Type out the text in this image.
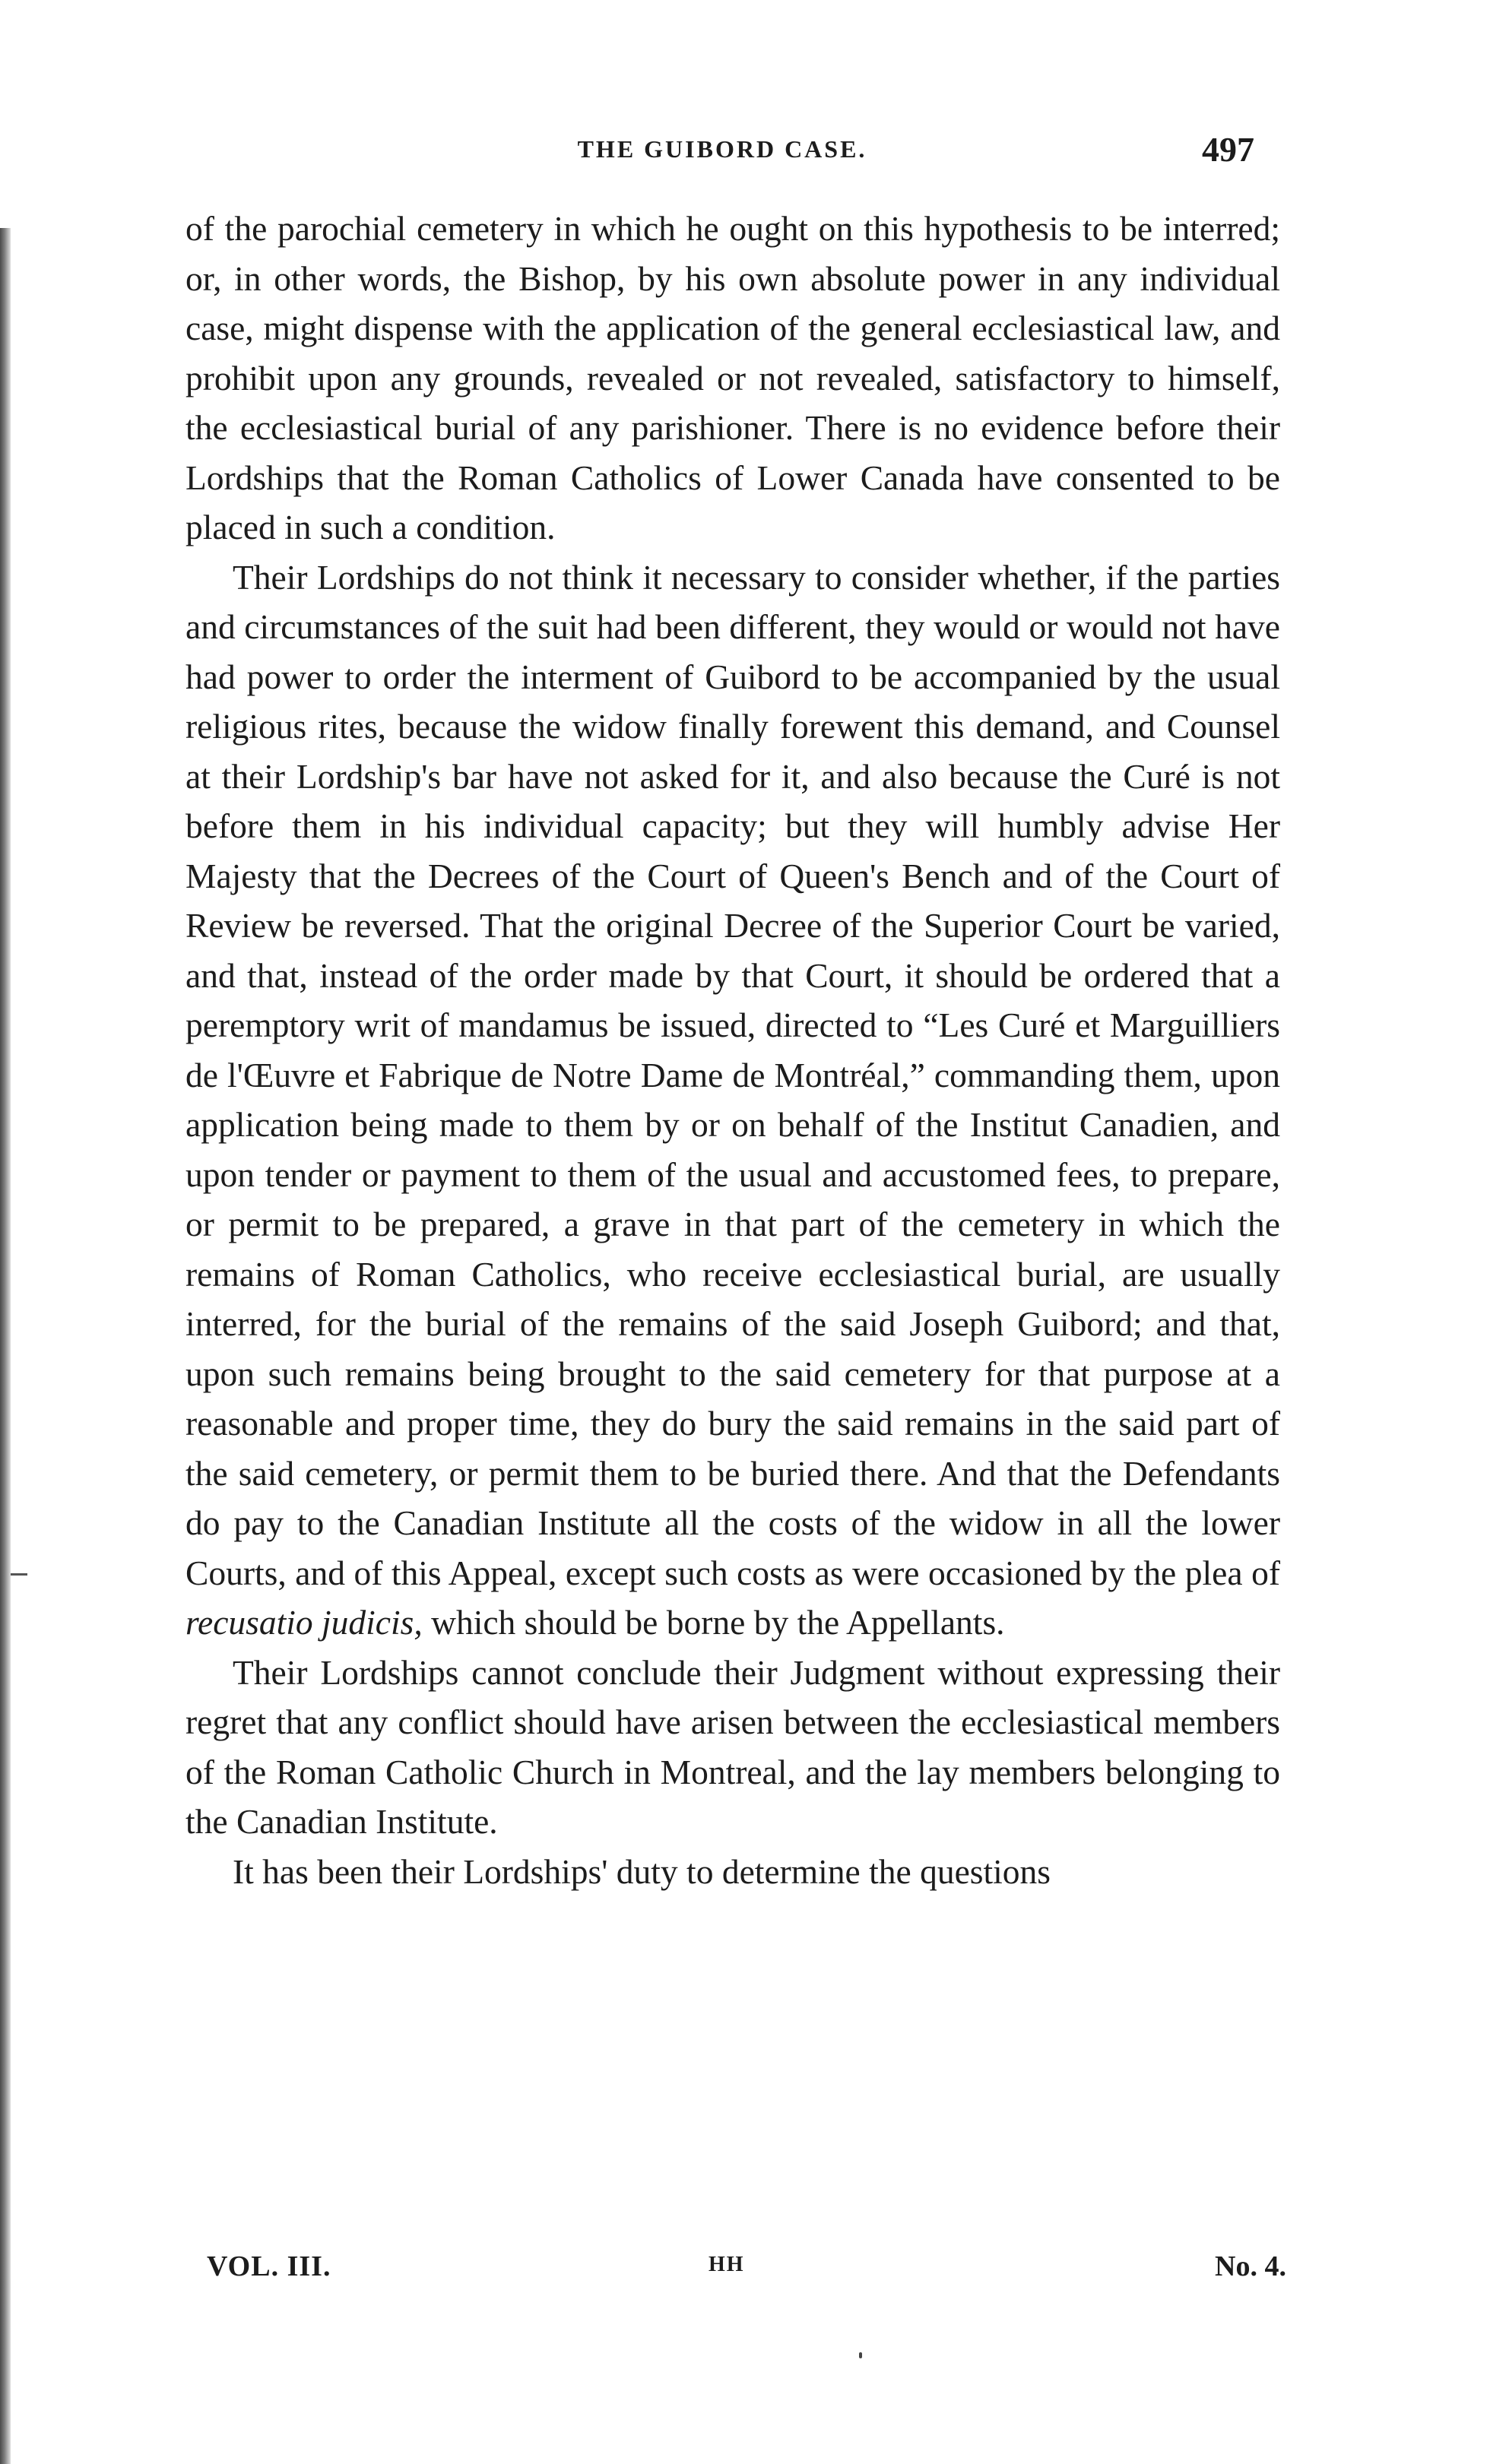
THE GUIBORD CASE.	497

of the parochial cemetery in which he ought on this hypothesis to be interred; or, in other words, the Bishop, by his own absolute power in any individual case, might dispense with the application of the general ecclesiastical law, and prohibit upon any grounds, revealed or not revealed, satisfactory to himself, the ecclesiastical burial of any parishioner. There is no evidence before their Lordships that the Roman Catholics of Lower Canada have consented to be placed in such a condition.

Their Lordships do not think it necessary to consider whether, if the parties and circumstances of the suit had been different, they would or would not have had power to order the interment of Guibord to be accompanied by the usual religious rites, because the widow finally forewent this demand, and Counsel at their Lordship's bar have not asked for it, and also because the Curé is not before them in his individual capacity; but they will humbly advise Her Majesty that the Decrees of the Court of Queen's Bench and of the Court of Review be reversed. That the original Decree of the Superior Court be varied, and that, instead of the order made by that Court, it should be ordered that a peremptory writ of mandamus be issued, directed to “Les Curé et Marguilliers de l'Œuvre et Fabrique de Notre Dame de Montréal,” commanding them, upon application being made to them by or on behalf of the Institut Canadien, and upon tender or payment to them of the usual and accustomed fees, to prepare, or permit to be prepared, a grave in that part of the cemetery in which the remains of Roman Catholics, who receive ecclesiastical burial, are usually interred, for the burial of the remains of the said Joseph Guibord; and that, upon such remains being brought to the said cemetery for that purpose at a reasonable and proper time, they do bury the said remains in the said part of the said cemetery, or permit them to be buried there. And that the Defendants do pay to the Canadian Institute all the costs of the widow in all the lower Courts, and of this Appeal, except such costs as were occasioned by the plea of recusatio judicis, which should be borne by the Appellants.

Their Lordships cannot conclude their Judgment without expressing their regret that any conflict should have arisen between the ecclesiastical members of the Roman Catholic Church in Montreal, and the lay members belonging to the Canadian Institute.

It has been their Lordships' duty to determine the questions

VOL. III.	HH	No. 4.
